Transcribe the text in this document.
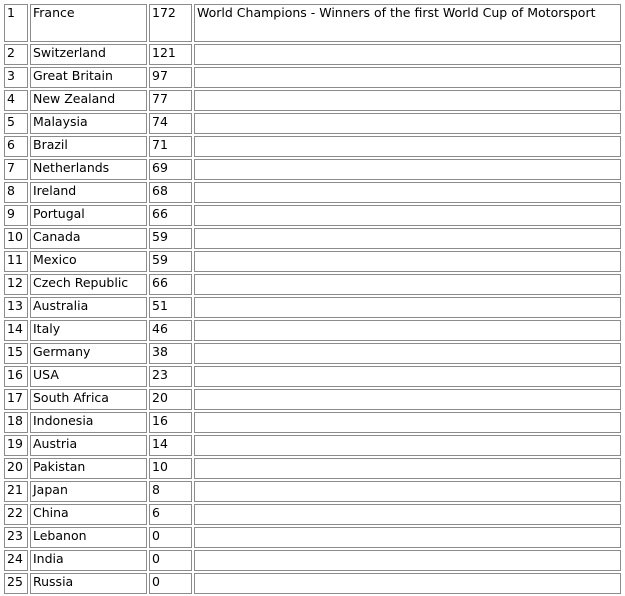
1	France	172	World Champions - Winners of the first World Cup of Motorsport
2	Switzerland	121	
3	Great Britain	97	
4	New Zealand	77	
5	Malaysia	74	
6	Brazil	71	
7	Netherlands	69	
8	Ireland	68	
9	Portugal	66	
10	Canada	59	
11	Mexico	59	
12	Czech Republic	66	
13	Australia	51	
14	Italy	46	
15	Germany	38	
16	USA	23	
17	South Africa	20	
18	Indonesia	16	
19	Austria	14	
20	Pakistan	10	
21	Japan	8	
22	China	6	
23	Lebanon	0	
24	India	0	
25	Russia	0	
